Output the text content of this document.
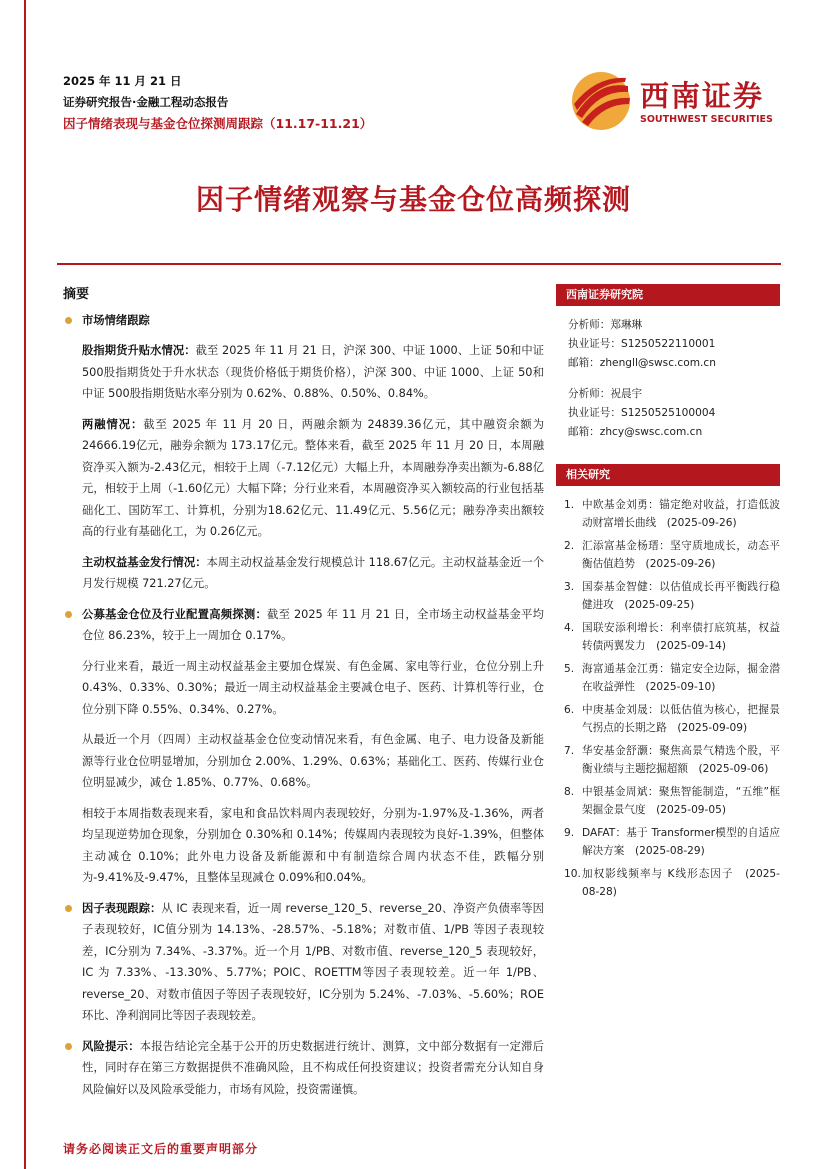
2025 年 11 月 21 日
证券研究报告·金融工程动态报告
因子情绪表现与基金仓位探测周跟踪（11.17-11.21）
西南证券
SOUTHWEST SECURITIES
因子情绪观察与基金仓位高频探测
摘要

市场情绪跟踪

股指期货升贴水情况：截至 2025 年 11 月 21 日，沪深 300、中证 1000、上证 50和中证 500股指期货处于升水状态（现货价格低于期货价格），沪深 300、中证 1000、上证 50和中证 500股指期货贴水率分别为 0.62%、0.88%、0.50%、0.84%。

两融情况：截至 2025 年 11 月 20 日，两融余额为 24839.36亿元，其中融资余额为 24666.19亿元，融券余额为 173.17亿元。整体来看，截至 2025 年 11 月 20 日，本周融资净买入额为-2.43亿元，相较于上周（-7.12亿元）大幅上升，本周融券净卖出额为-6.88亿元，相较于上周（-1.60亿元）大幅下降；分行业来看，本周融资净买入额较高的行业包括基础化工、国防军工、计算机，分别为18.62亿元、11.49亿元、5.56亿元；融券净卖出额较高的行业有基础化工，为 0.26亿元。

主动权益基金发行情况：本周主动权益基金发行规模总计 118.67亿元。主动权益基金近一个月发行规模 721.27亿元。

公募基金仓位及行业配置高频探测：截至 2025 年 11 月 21 日，全市场主动权益基金平均仓位 86.23%，较于上一周加仓 0.17%。

分行业来看，最近一周主动权益基金主要加仓煤炭、有色金属、家电等行业，仓位分别上升 0.43%、0.33%、0.30%；最近一周主动权益基金主要减仓电子、医药、计算机等行业，仓位分别下降 0.55%、0.34%、0.27%。

从最近一个月（四周）主动权益基金仓位变动情况来看，有色金属、电子、电力设备及新能源等行业仓位明显增加，分别加仓 2.00%、1.29%、0.63%；基础化工、医药、传媒行业仓位明显减少，减仓 1.85%、0.77%、0.68%。

相较于本周指数表现来看，家电和食品饮料周内表现较好，分别为-1.97%及-1.36%，两者均呈现逆势加仓现象，分别加仓 0.30%和 0.14%；传媒周内表现较为良好-1.39%，但整体主动减仓 0.10%；此外电力设备及新能源和中有制造综合周内状态不佳，跌幅分别为-9.41%及-9.47%，且整体呈现减仓 0.09%和0.04%。

因子表现跟踪：从 IC 表现来看，近一周 reverse_120_5、reverse_20、净资产负债率等因子表现较好，IC值分别为 14.13%、-28.57%、-5.18%；对数市值、1/PB 等因子表现较差，IC分别为 7.34%、-3.37%。近一个月 1/PB、对数市值、reverse_120_5 表现较好，IC 为 7.33%、-13.30%、5.77%；POIC、ROETTM等因子表现较差。近一年 1/PB、reverse_20、对数市值因子等因子表现较好，IC分别为 5.24%、-7.03%、-5.60%；ROE 环比、净利润同比等因子表现较差。

风险提示：本报告结论完全基于公开的历史数据进行统计、测算，文中部分数据有一定滞后性，同时存在第三方数据提供不准确风险，且不构成任何投资建议；投资者需充分认知自身风险偏好以及风险承受能力，市场有风险，投资需谨慎。

西南证券研究院
分析师：郑琳琳
执业证号：S1250522110001
邮箱：zhengll@swsc.com.cn
分析师：祝晨宇
执业证号：S1250525100004
邮箱：zhcy@swsc.com.cn
相关研究
1. 中欧基金刘勇：锚定绝对收益，打造低波动财富增长曲线　(2025-09-26)
2. 汇添富基金杨瑨：坚守质地成长，动态平衡估值趋势　(2025-09-26)
3. 国泰基金智健：以估值成长再平衡践行稳健进攻　(2025-09-25)
4. 国联安添利增长：利率债打底筑基，权益转债两翼发力　(2025-09-14)
5. 海富通基金江勇：锚定安全边际，掘金潜在收益弹性　(2025-09-10)
6. 中庚基金刘晟：以低估值为核心，把握景气拐点的长期之路　(2025-09-09)
7. 华安基金舒灏：聚焦高景气精选个股，平衡业绩与主题挖掘超额　(2025-09-06)
8. 中银基金周斌：聚焦智能制造，“五维”框架掘金景气度　(2025-09-05)
9. DAFAT：基于 Transformer模型的自适应解决方案　(2025-08-29)
10. 加权影线频率与 K线形态因子　(2025-08-28)
请务必阅读正文后的重要声明部分
